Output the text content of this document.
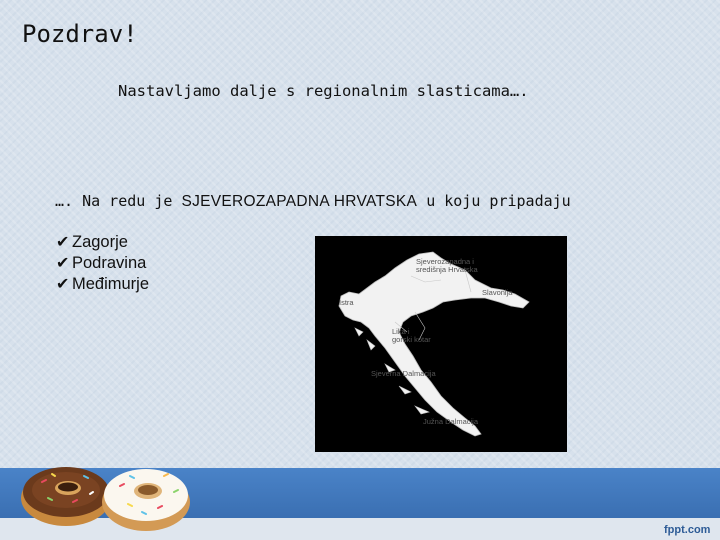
Pozdrav!
Nastavljamo dalje s regionalnim slasticama….
…. Na redu je SJEVEROZAPADNA HRVATSKA u koju pripadaju
✔ Zagorje
✔ Podravina
✔ Međimurje
Sjeverozapadna i
središnja Hrvatska
Slavonija
Istra
Lika i
gorski kotar
Sjeverna Dalmacija
Južna Dalmacija
fppt.com
